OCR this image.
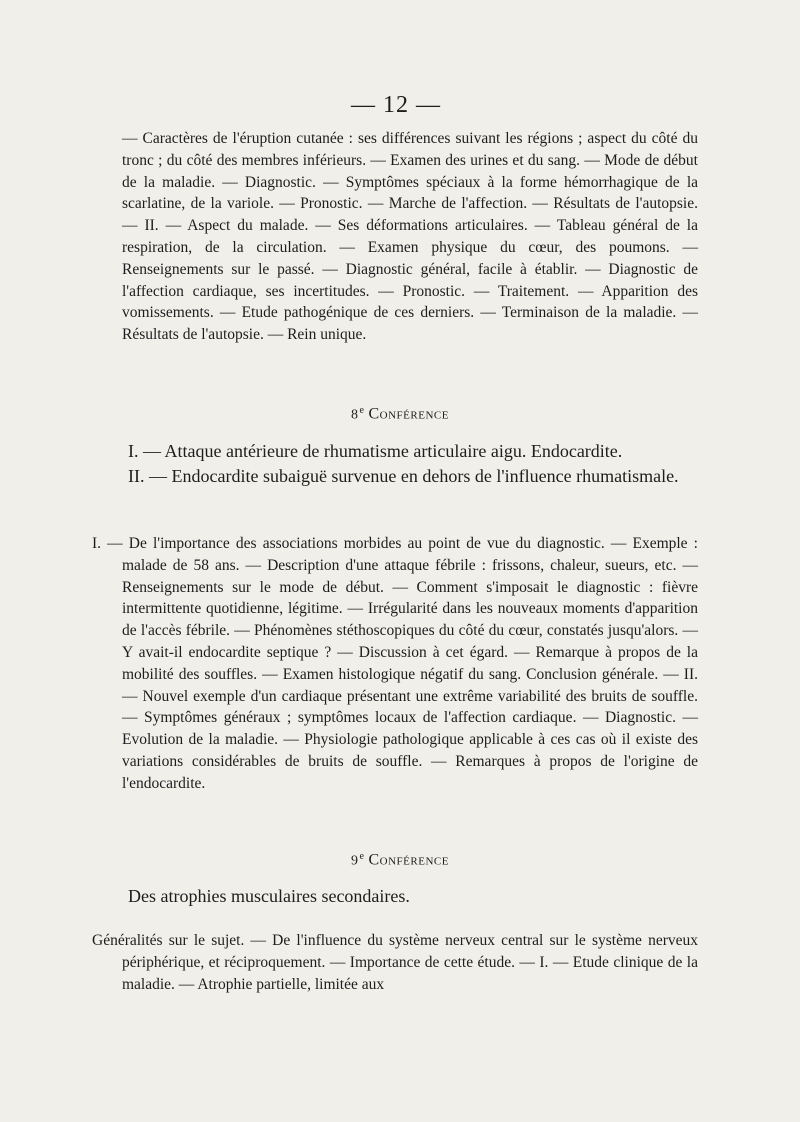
— 12 —
— Caractères de l'éruption cutanée : ses différences suivant les régions ; aspect du côté du tronc ; du côté des membres inférieurs. — Examen des urines et du sang. — Mode de début de la maladie. — Diagnostic. — Symptômes spéciaux à la forme hémorrhagique de la scarlatine, de la variole. — Pronostic. — Marche de l'affection. — Résultats de l'autopsie. — II. — Aspect du malade. — Ses déformations articulaires. — Tableau général de la respiration, de la circulation. — Examen physique du cœur, des poumons. — Renseignements sur le passé. — Diagnostic général, facile à établir. — Diagnostic de l'affection cardiaque, ses incertitudes. — Pronostic. — Traitement. — Apparition des vomissements. — Etude pathogénique de ces derniers. — Terminaison de la maladie. — Résultats de l'autopsie. — Rein unique.
8e Conférence

I. — Attaque antérieure de rhumatisme articulaire aigu. Endocardite.

II. — Endocardite subaiguë survenue en dehors de l'influence rhumatismale.

I. — De l'importance des associations morbides au point de vue du diagnostic. — Exemple : malade de 58 ans. — Description d'une attaque fébrile : frissons, chaleur, sueurs, etc. — Renseignements sur le mode de début. — Comment s'imposait le diagnostic : fièvre intermittente quotidienne, légitime. — Irrégularité dans les nouveaux moments d'apparition de l'accès fébrile. — Phénomènes stéthoscopiques du côté du cœur, constatés jusqu'alors. — Y avait-il endocardite septique ? — Discussion à cet égard. — Remarque à propos de la mobilité des souffles. — Examen histologique négatif du sang. Conclusion générale. — II. — Nouvel exemple d'un cardiaque présentant une extrême variabilité des bruits de souffle. — Symptômes généraux ; symptômes locaux de l'affection cardiaque. — Diagnostic. — Evolution de la maladie. — Physiologie pathologique applicable à ces cas où il existe des variations considérables de bruits de souffle. — Remarques à propos de l'origine de l'endocardite.
9e Conférence
Des atrophies musculaires secondaires.
Généralités sur le sujet. — De l'influence du système nerveux central sur le système nerveux périphérique, et réciproquement. — Importance de cette étude. — I. — Etude clinique de la maladie. — Atrophie partielle, limitée aux
